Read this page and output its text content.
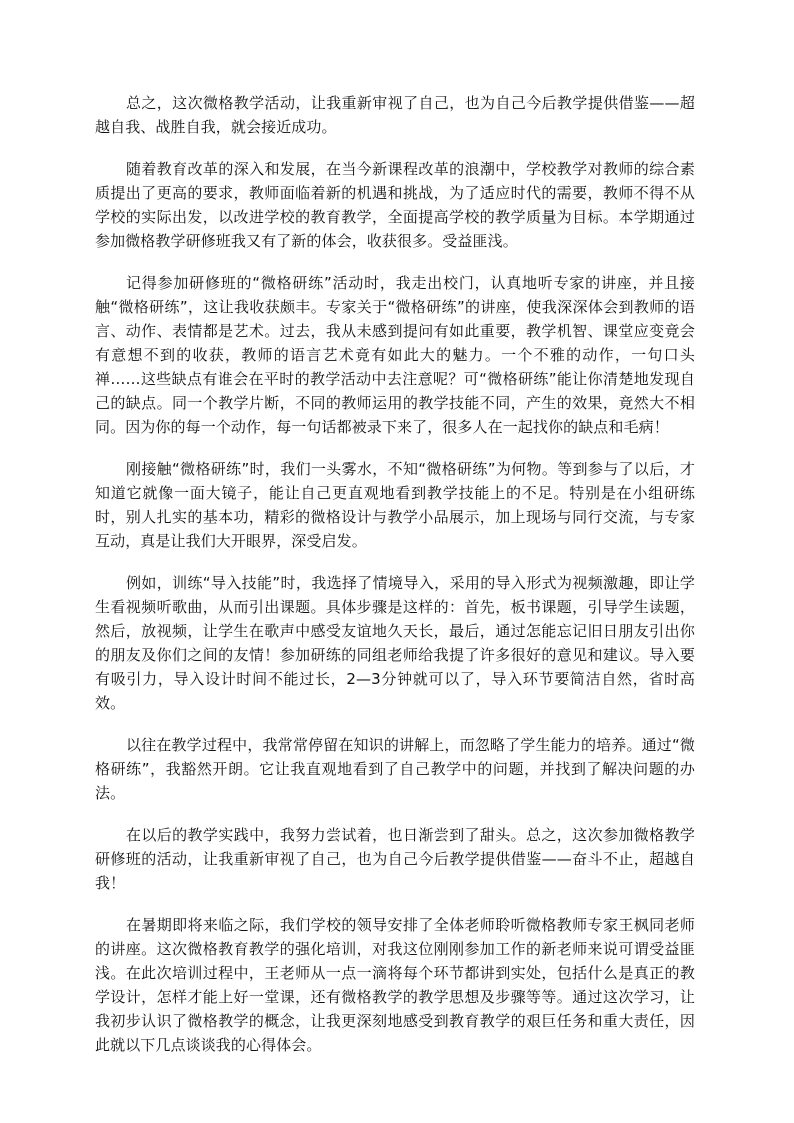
总之，这次微格教学活动，让我重新审视了自己，也为自己今后教学提供借鉴——超越自我、战胜自我，就会接近成功。

随着教育改革的深入和发展，在当今新课程改革的浪潮中，学校教学对教师的综合素质提出了更高的要求，教师面临着新的机遇和挑战，为了适应时代的需要，教师不得不从学校的实际出发，以改进学校的教育教学，全面提高学校的教学质量为目标。本学期通过参加微格教学研修班我又有了新的体会，收获很多。受益匪浅。

记得参加研修班的“微格研练”活动时，我走出校门，认真地听专家的讲座，并且接触“微格研练”，这让我收获颇丰。专家关于“微格研练”的讲座，使我深深体会到教师的语言、动作、表情都是艺术。过去，我从未感到提问有如此重要，教学机智、课堂应变竟会有意想不到的收获，教师的语言艺术竟有如此大的魅力。一个不雅的动作，一句口头禅……这些缺点有谁会在平时的教学活动中去注意呢？可“微格研练”能让你清楚地发现自己的缺点。同一个教学片断，不同的教师运用的教学技能不同，产生的效果，竟然大不相同。因为你的每一个动作，每一句话都被录下来了，很多人在一起找你的缺点和毛病！

刚接触“微格研练”时，我们一头雾水，不知“微格研练”为何物。等到参与了以后，才知道它就像一面大镜子，能让自己更直观地看到教学技能上的不足。特别是在小组研练时，别人扎实的基本功，精彩的微格设计与教学小品展示，加上现场与同行交流，与专家互动，真是让我们大开眼界，深受启发。

例如，训练“导入技能”时，我选择了情境导入，采用的导入形式为视频激趣，即让学生看视频听歌曲，从而引出课题。具体步骤是这样的：首先，板书课题，引导学生读题，然后，放视频，让学生在歌声中感受友谊地久天长，最后，通过怎能忘记旧日朋友引出你的朋友及你们之间的友情！参加研练的同组老师给我提了许多很好的意见和建议。导入要有吸引力，导入设计时间不能过长，2—3分钟就可以了，导入环节要简洁自然，省时高效。

以往在教学过程中，我常常停留在知识的讲解上，而忽略了学生能力的培养。通过“微格研练”，我豁然开朗。它让我直观地看到了自己教学中的问题，并找到了解决问题的办法。

在以后的教学实践中，我努力尝试着，也日渐尝到了甜头。总之，这次参加微格教学研修班的活动，让我重新审视了自己，也为自己今后教学提供借鉴——奋斗不止，超越自我！

在暑期即将来临之际，我们学校的领导安排了全体老师聆听微格教师专家王枫同老师的讲座。这次微格教育教学的强化培训，对我这位刚刚参加工作的新老师来说可谓受益匪浅。在此次培训过程中，王老师从一点一滴将每个环节都讲到实处，包括什么是真正的教学设计，怎样才能上好一堂课，还有微格教学的教学思想及步骤等等。通过这次学习，让我初步认识了微格教学的概念，让我更深刻地感受到教育教学的艰巨任务和重大责任，因此就以下几点谈谈我的心得体会。
